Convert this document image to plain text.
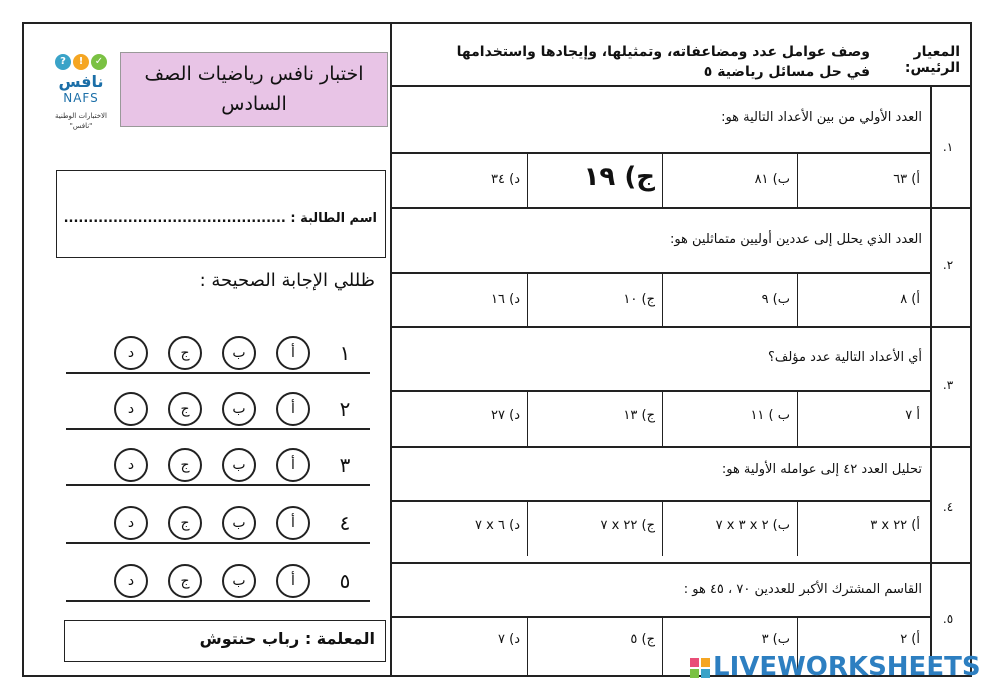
?	!	✓
نافس
NAFS
الاختبارات الوطنية "نافس"
اختبار نافس رياضيات الصف السادس
اسم الطالبة : .............................................
ظللي الإجابة الصحيحة :
١
أ
ب
ج
د
٢
أ
ب
ج
د
٣
أ
ب
ج
د
٤
أ
ب
ج
د
٥
أ
ب
ج
د
المعلمة : رباب حنتوش
المعيار الرئيس:
وصف عوامل عدد ومضاعفاته، وتمثيلها، وإيجادها واستخدامها في حل مسائل رياضية ٥
.١
العدد الأولي من بين الأعداد التالية هو:
أ) ٦٣
ب) ٨١
ج) ١٩
د) ٣٤
.٢
العدد الذي يحلل إلى عددين أوليين متماثلين هو:
أ) ٨
ب) ٩
ج) ١٠
د) ١٦
.٣
أي الأعداد التالية عدد مؤلف؟
أ ٧
ب ) ١١
ج) ١٣
د) ٢٧
.٤
تحليل العدد ٤٢ إلى عوامله الأولية هو:
أ) ٢٢ x ٣
ب) ٢ x ٣ x ٧
ج) ٢٢ x ٧
د) ٦ x ٧
.٥
القاسم المشترك الأكبر للعددين ٧٠ ، ٤٥ هو :
أ) ٢
ب) ٣
ج) ٥
د) ٧
LIVEWORKSHEETS
